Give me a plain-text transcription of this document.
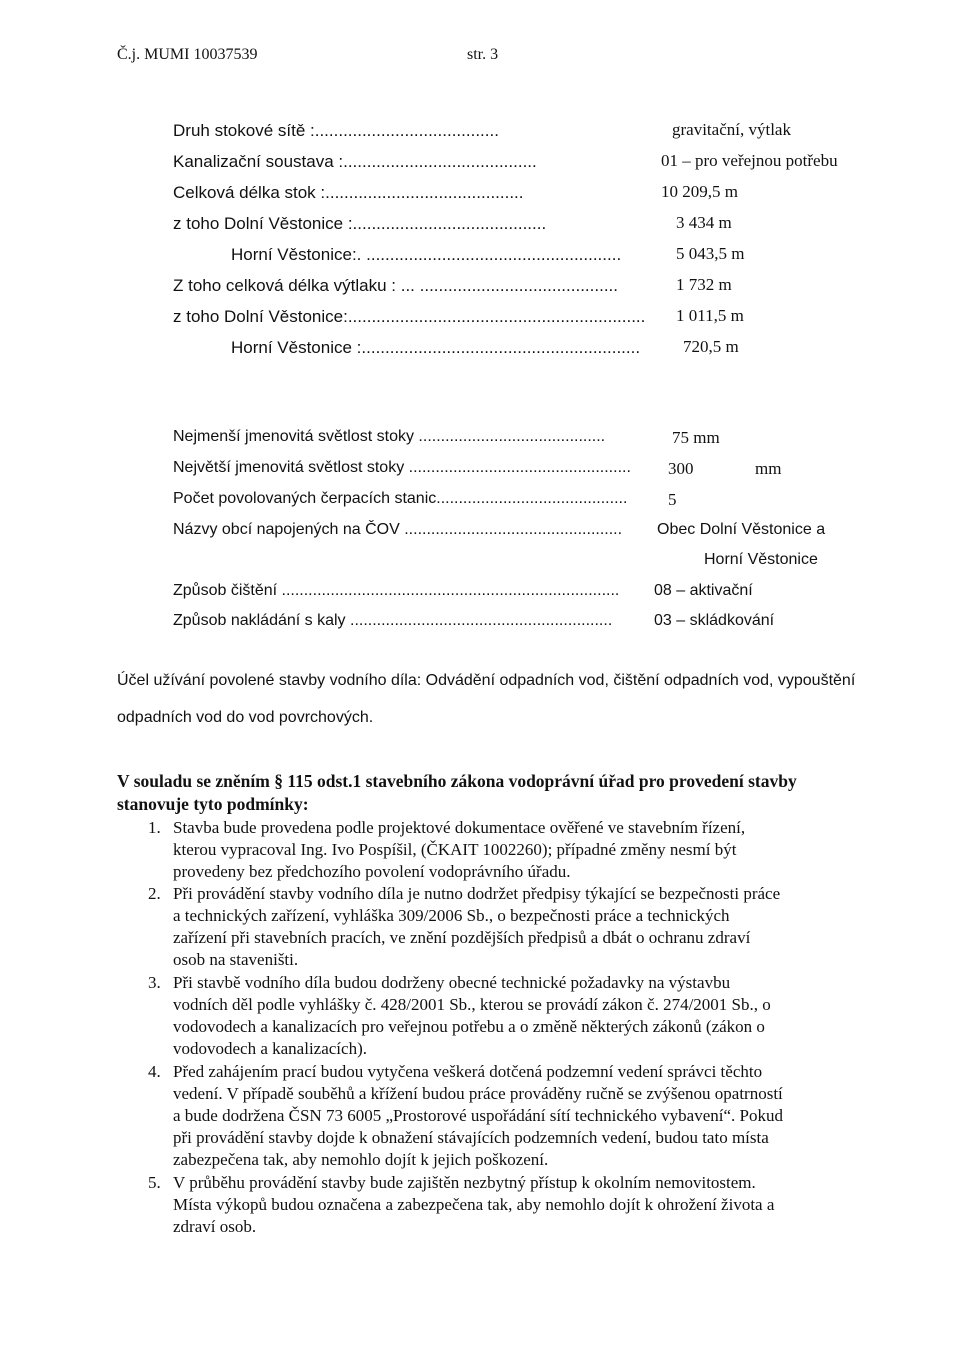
Č.j. MUMI 10037539	str. 3
Druh stokové sítě :.......................................	gravitační, výtlak
Kanalizační soustava :.........................................	01 – pro veřejnou potřebu
Celková délka stok :..........................................	10 209,5 m
z toho Dolní Věstonice :.........................................	3 434 m
Horní Věstonice:. ......................................................	5 043,5 m
Z toho celková délka výtlaku : ... ..........................................	1 732 m
z toho Dolní Věstonice:............................................................... 1 011,5 m
Horní Věstonice :...........................................................	720,5 m
Nejmenší jmenovitá světlost stoky ..........................................	75 mm
Největší jmenovitá světlost stoky .................................................. 300	mm
Počet povolovaných čerpacích stanic........................................... 5
Názvy obcí napojených na ČOV ................................................. Obec Dolní Věstonice a
Horní Věstonice
Způsob čištění ............................................................................ 08 – aktivační
Způsob nakládání s kaly ...........................................................	03 – skládkování
Účel užívání povolené stavby vodního díla: Odvádění odpadních vod, čištění odpadních vod, vypouštění
odpadních vod do vod povrchových.
V souladu se zněním § 115 odst.1 stavebního zákona vodoprávní úřad pro provedení stavby
stanovuje tyto podmínky:
1. Stavba bude provedena podle projektové dokumentace ověřené ve stavebním řízení,
kterou vypracoval Ing. Ivo Pospíšil, (ČKAIT 1002260); případné změny nesmí být
provedeny bez předchozího povolení vodoprávního úřadu.
2. Při provádění stavby vodního díla je nutno dodržet předpisy týkající se bezpečnosti práce
a technických zařízení, vyhláška 309/2006 Sb., o bezpečnosti práce a technických
zařízení při stavebních pracích, ve znění pozdějších předpisů a dbát o ochranu zdraví
osob na staveništi.
3. Při stavbě vodního díla budou dodrženy obecné technické požadavky na výstavbu
vodních děl podle vyhlášky č. 428/2001 Sb., kterou se provádí zákon č. 274/2001 Sb., o
vodovodech a kanalizacích pro veřejnou potřebu a o změně některých zákonů (zákon o
vodovodech a kanalizacích).
4. Před zahájením prací budou vytyčena veškerá dotčená podzemní vedení správci těchto
vedení. V případě souběhů a křížení budou práce prováděny ručně se zvýšenou opatrností
a bude dodržena ČSN 73 6005 „Prostorové uspořádání sítí technického vybavení“. Pokud
při provádění stavby dojde k obnažení stávajících podzemních vedení, budou tato místa
zabezpečena tak, aby nemohlo dojít k jejich poškození.
5. V průběhu provádění stavby bude zajištěn nezbytný přístup k okolním nemovitostem.
Místa výkopů budou označena a zabezpečena tak, aby nemohlo dojít k ohrožení života a
zdraví osob.
